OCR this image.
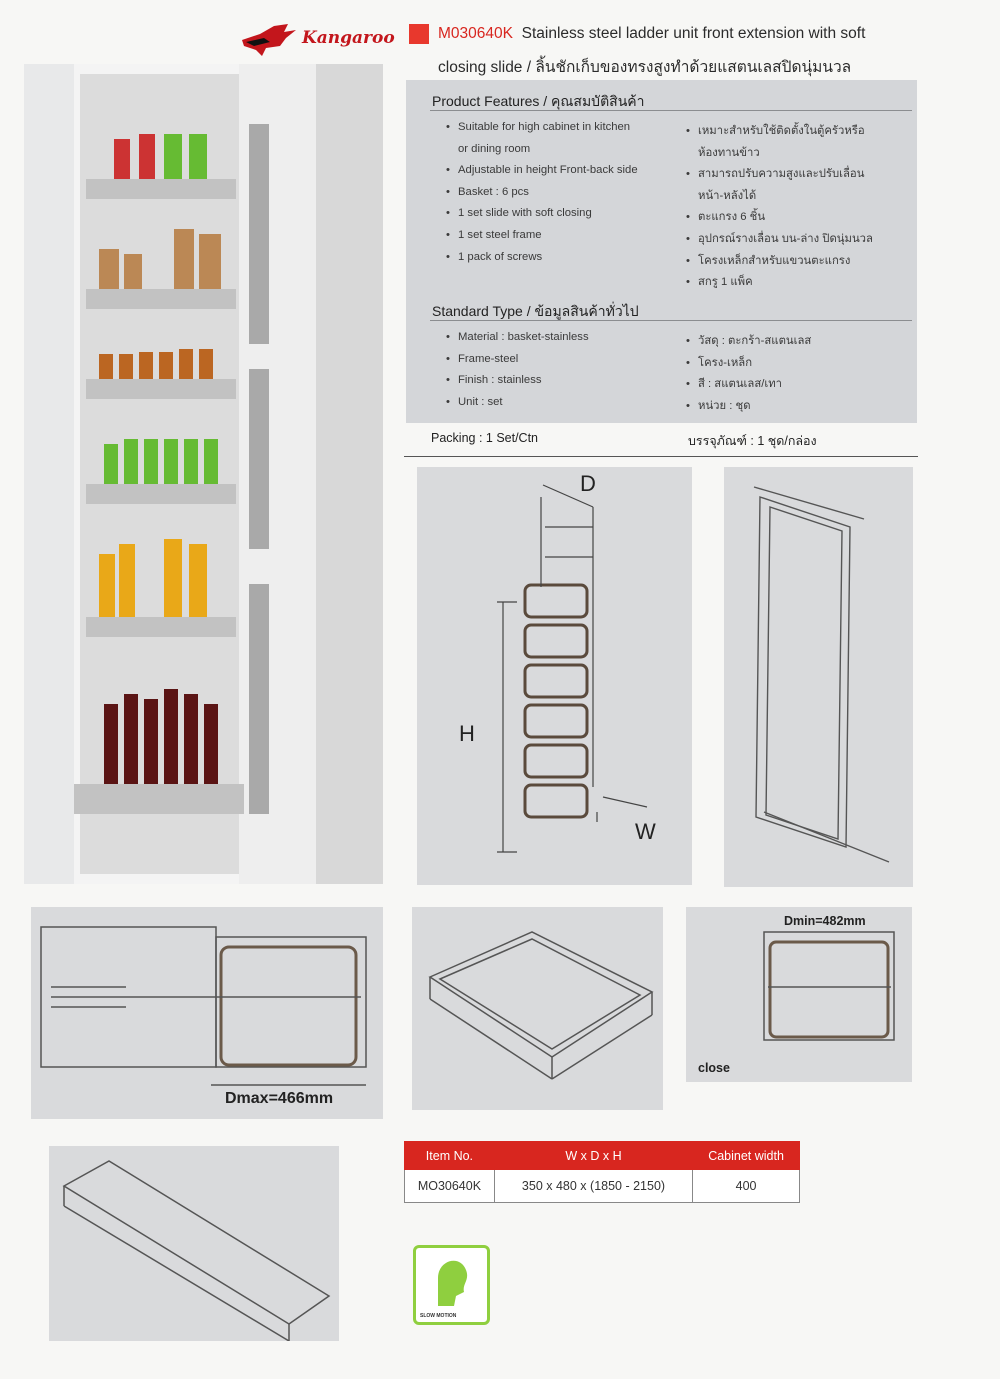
Kangaroo	M030640K Stainless steel ladder unit front extension with soft
closing slide / ลิ้นชักเก็บของทรงสูงทำด้วยแสตนเลสปิดนุ่มนวล
Product Features / คุณสมบัติสินค้า
• Suitable for high cabinet in kitchen
or dining room
• Adjustable in height Front-back side
• Basket : 6 pcs
• 1 set slide with soft closing
• 1 set steel frame
• 1 pack of screws
• เหมาะสำหรับใช้ติดตั้งในตู้ครัวหรือ
ห้องทานข้าว
• สามารถปรับความสูงและปรับเลื่อน
หน้า-หลังได้
• ตะแกรง 6 ชิ้น
• อุปกรณ์รางเลื่อน บน-ล่าง ปิดนุ่มนวล
• โครงเหล็กสำหรับแขวนตะแกรง
• สกรู 1 แพ็ค
Standard Type / ข้อมูลสินค้าทั่วไป
• Material : basket-stainless
• Frame-steel
• Finish : stainless
• Unit : set
• วัสดุ : ตะกร้า-สแตนเลส
• โครง-เหล็ก
• สี : สแตนเลส/เทา
• หน่วย : ชุด
Packing : 1 Set/Ctn	บรรจุภัณฑ์ : 1 ชุด/กล่อง
D
H
W
Dmax=466mm
Dmin=482mm
close
Item No.	W x D x H	Cabinet width
MO30640K	350 x 480 x (1850 - 2150)	400
SLOW MOTION
